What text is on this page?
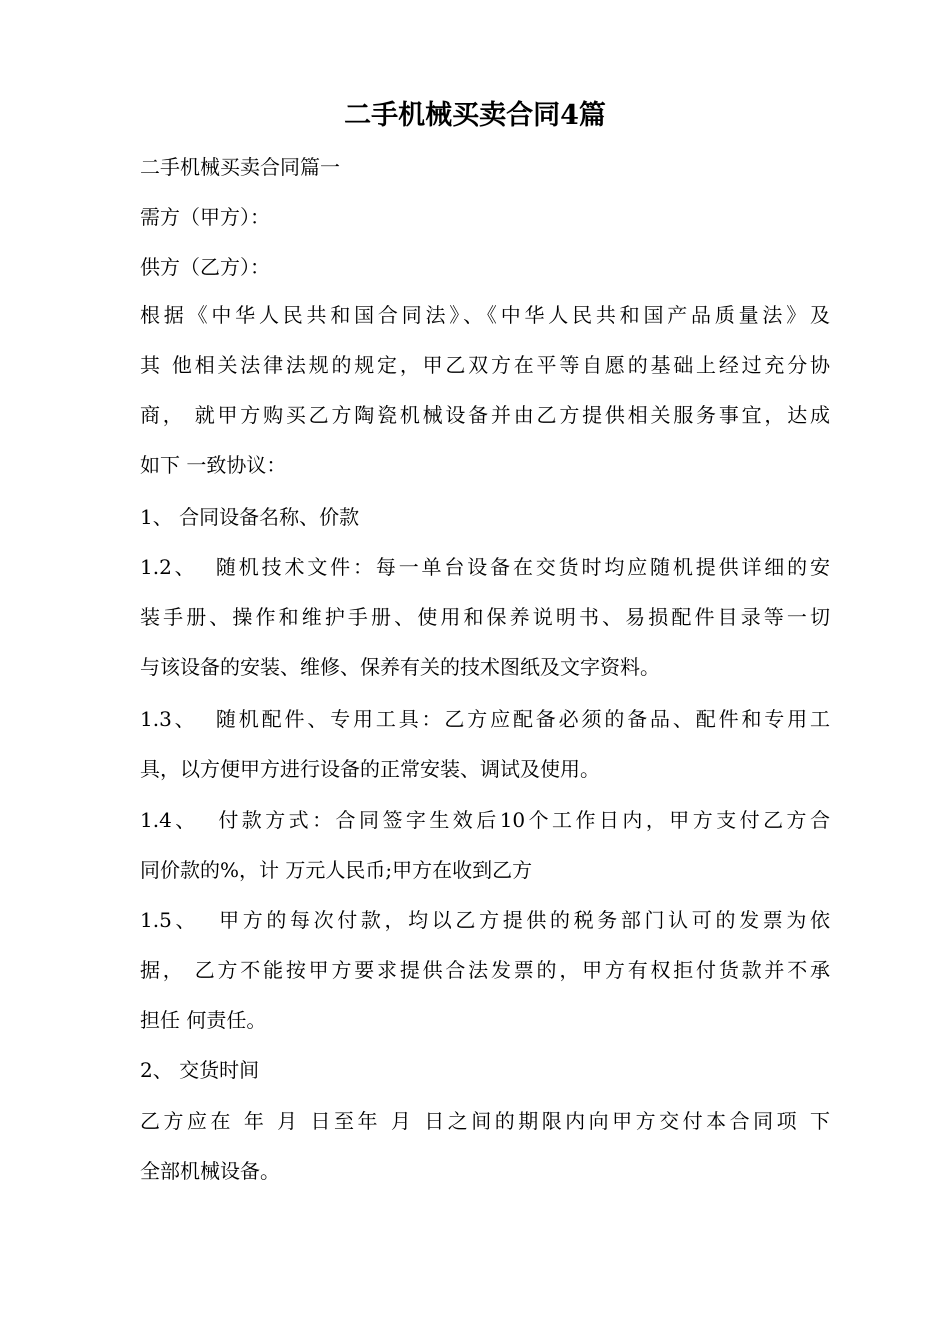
二手机械买卖合同4篇
二手机械买卖合同篇一
需方（甲方）：
供方（乙方）：
根据《中华人民共和国合同法》、《中华人民共和国产品质量法》及
其 他相关法律法规的规定，甲乙双方在平等自愿的基础上经过充分协
商， 就甲方购买乙方陶瓷机械设备并由乙方提供相关服务事宜，达成
如下 一致协议：
1、 合同设备名称、价款
1.2、  随机技术文件：每一单台设备在交货时均应随机提供详细的安
装手册、操作和维护手册、使用和保养说明书、易损配件目录等一切
与该设备的安装、维修、保养有关的技术图纸及文字资料。
1.3、  随机配件、专用工具：乙方应配备必须的备品、配件和专用工
具，以方便甲方进行设备的正常安装、调试及使用。
1.4、  付款方式：合同签字生效后10个工作日内，甲方支付乙方合
同价款的%，计 万元人民币;甲方在收到乙方
1.5、  甲方的每次付款，均以乙方提供的税务部门认可的发票为依
据， 乙方不能按甲方要求提供合法发票的，甲方有权拒付货款并不承
担任 何责任。
2、 交货时间
乙方应在 年 月 日至年 月 日之间的期限内向甲方交付本合同项 下
全部机械设备。
